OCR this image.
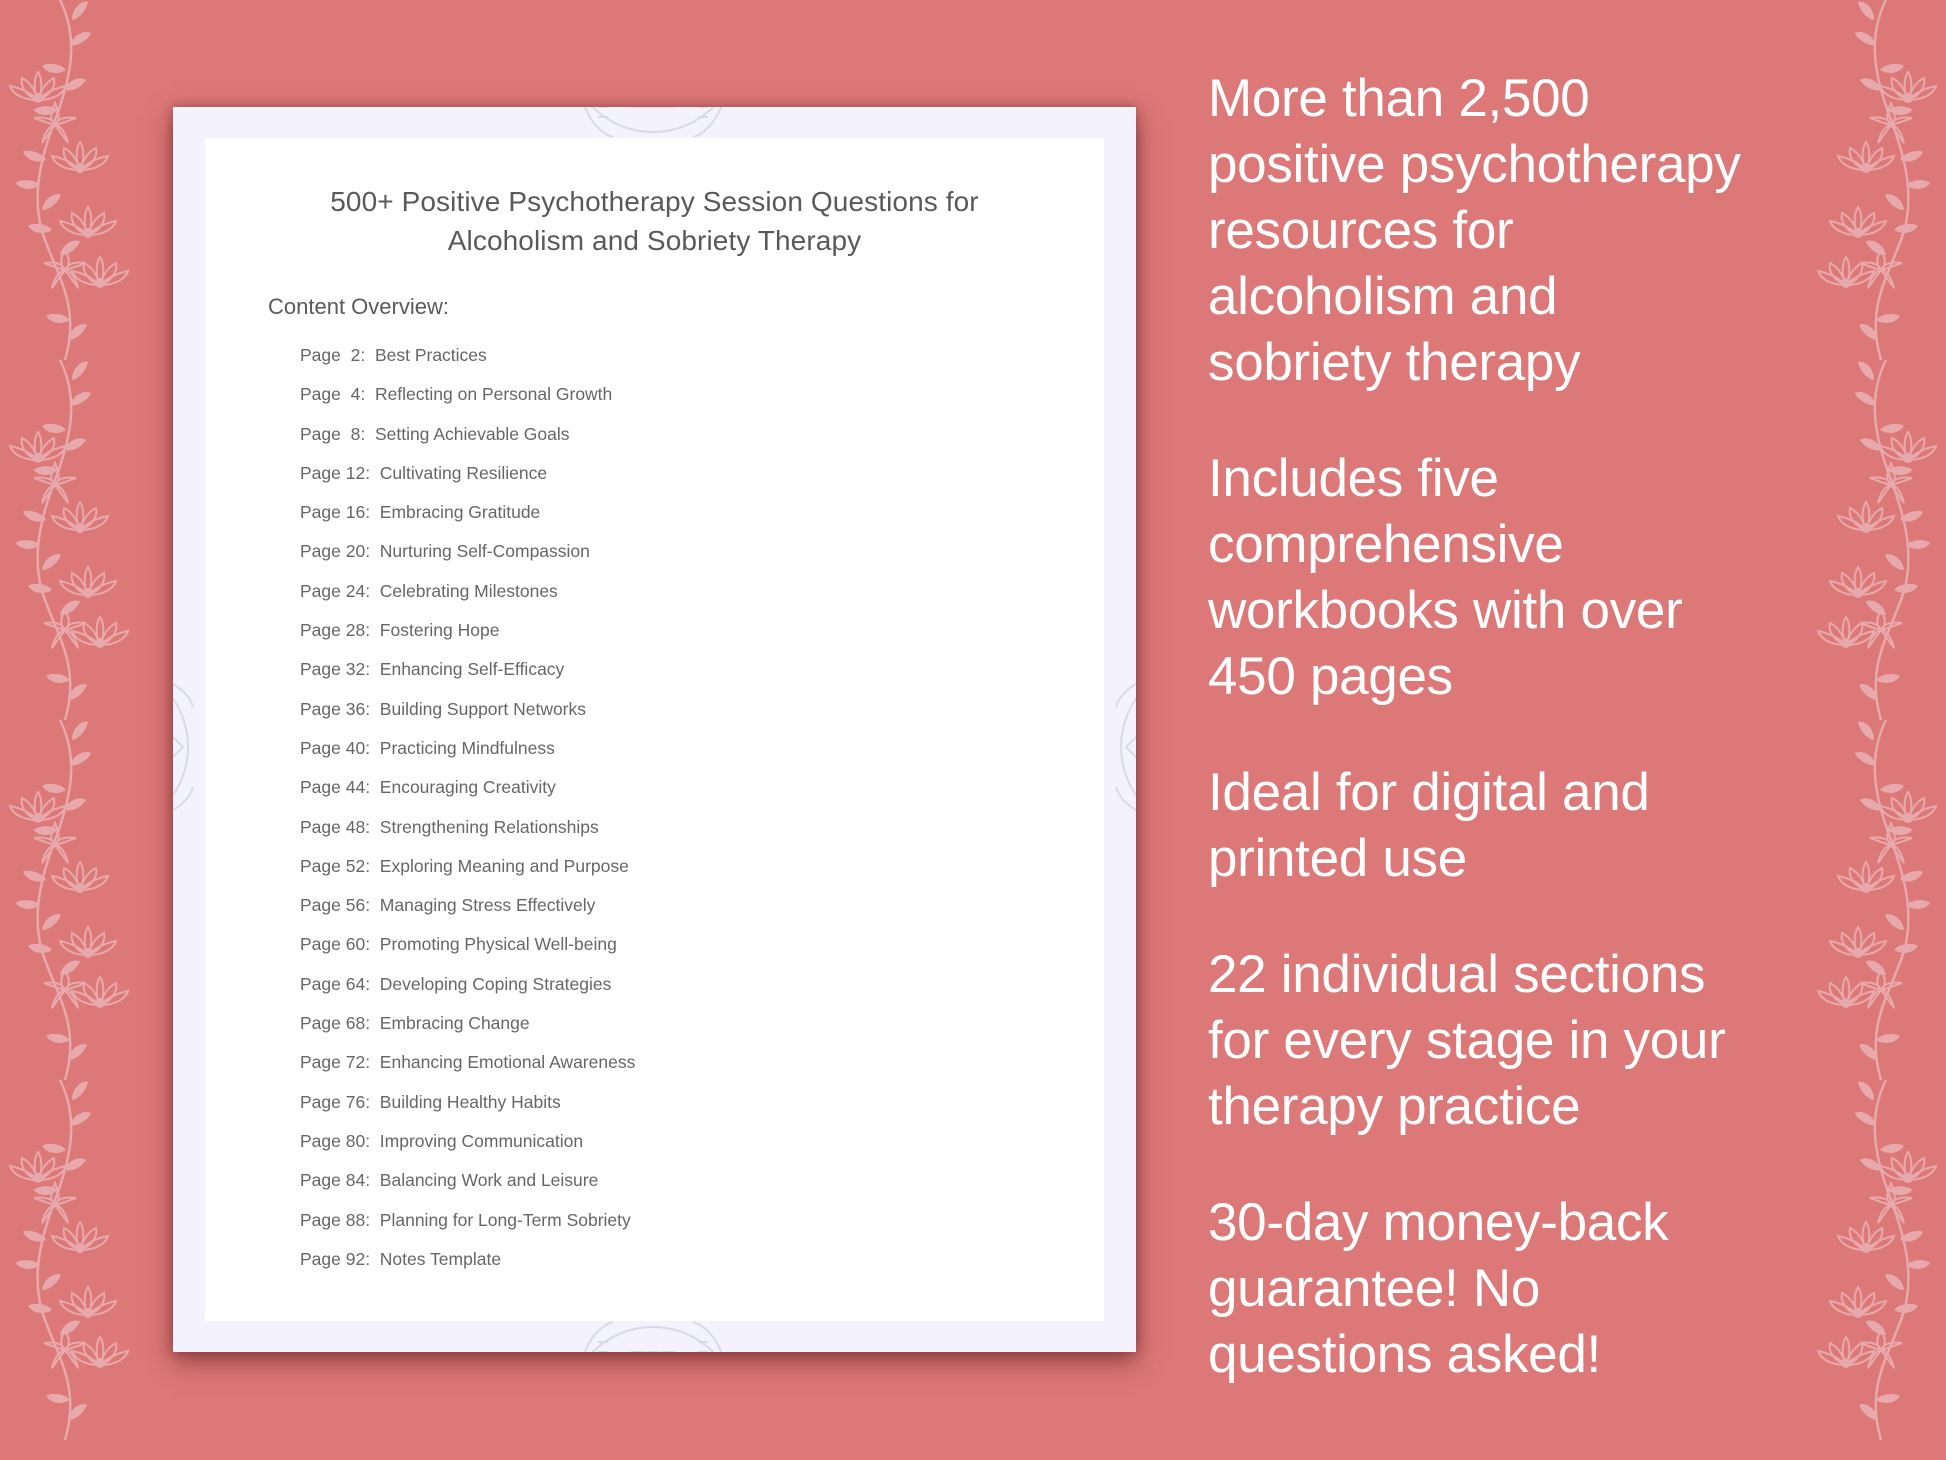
500+ Positive Psychotherapy Session Questions for
Alcoholism and Sobriety Therapy
Content Overview:
Page  2: Best Practices
Page  4: Reflecting on Personal Growth
Page  8: Setting Achievable Goals
Page 12: Cultivating Resilience
Page 16: Embracing Gratitude
Page 20: Nurturing Self-Compassion
Page 24: Celebrating Milestones
Page 28: Fostering Hope
Page 32: Enhancing Self-Efficacy
Page 36: Building Support Networks
Page 40: Practicing Mindfulness
Page 44: Encouraging Creativity
Page 48: Strengthening Relationships
Page 52: Exploring Meaning and Purpose
Page 56: Managing Stress Effectively
Page 60: Promoting Physical Well-being
Page 64: Developing Coping Strategies
Page 68: Embracing Change
Page 72: Enhancing Emotional Awareness
Page 76: Building Healthy Habits
Page 80: Improving Communication
Page 84: Balancing Work and Leisure
Page 88: Planning for Long-Term Sobriety
Page 92: Notes Template
More than 2,500
positive psychotherapy
resources for
alcoholism and
sobriety therapy
Includes five
comprehensive
workbooks with over
450 pages
Ideal for digital and
printed use
22 individual sections
for every stage in your
therapy practice
30-day money-back
guarantee! No
questions asked!
